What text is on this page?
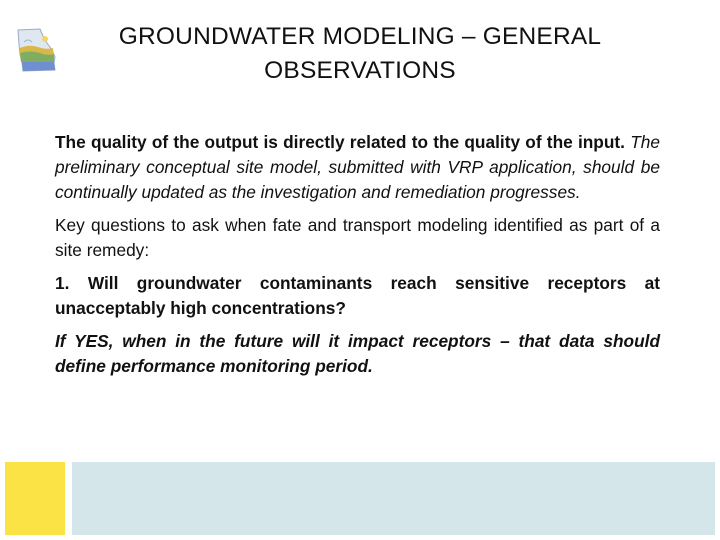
GROUNDWATER MODELING – GENERAL
OBSERVATIONS

The quality of the output is directly related to the quality of the input. The preliminary conceptual site model, submitted with VRP application, should be continually updated as the investigation and remediation progresses.

Key questions to ask when fate and transport modeling identified as part of a site remedy:

1. Will groundwater contaminants reach sensitive receptors at unacceptably high concentrations?

If YES, when in the future will it impact receptors – that data should define performance monitoring period.
